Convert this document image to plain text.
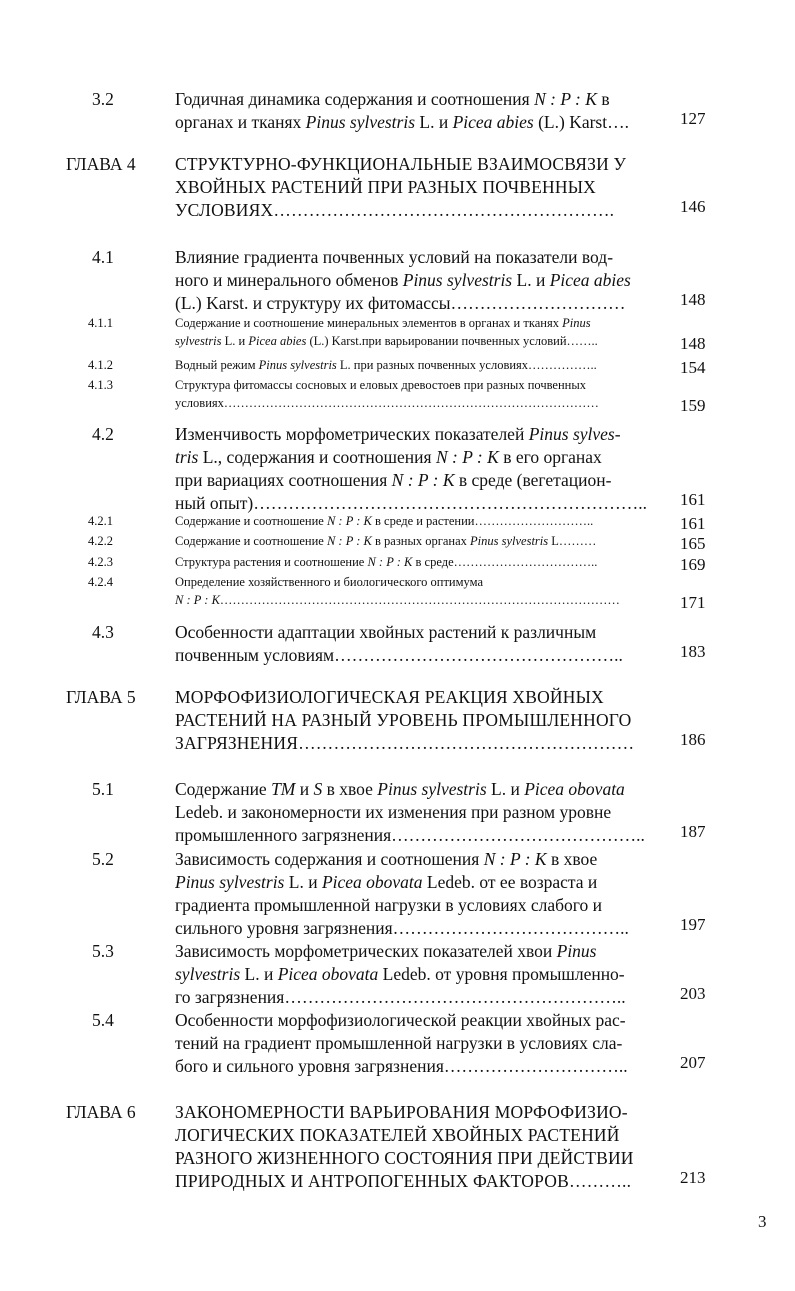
3.2	Годичная динамика содержания и соотношения N : P : K в
органах и тканях Pinus sylvestris L. и Picea abies (L.) Karst….	127
ГЛАВА 4 СТРУКТУРНО-ФУНКЦИОНАЛЬНЫЕ ВЗАИМОСВЯЗИ У
ХВОЙНЫХ РАСТЕНИЙ ПРИ РАЗНЫХ ПОЧВЕННЫХ
УСЛОВИЯХ………………………………………………….	146
4.1	Влияние градиента почвенных условий на показатели вод-
ного и минерального обменов Pinus sylvestris L. и Picea abies
(L.) Karst. и структуру их фитомассы…………………………	148
4.1.1	Содержание и соотношение минеральных элементов в органах и тканях Pinus
sylvestris L. и Picea abies (L.) Karst.при варьировании почвенных условий……..	148
4.1.2	Водный режим Pinus sylvestris L. при разных почвенных условиях……………..	154
4.1.3	Структура фитомассы сосновых и еловых древостоев при разных почвенных
условиях………………………………………………………………………………	159
4.2	Изменчивость морфометрических показателей Pinus sylves-
tris L., содержания и соотношения N : P : K в его органах
при вариациях соотношения N : P : K в среде (вегетацион-
ный опыт)…………………………………………………………..	161
4.2.1	Содержание и соотношение N : P : K в среде и растении………………………..	161
4.2.2	Содержание и соотношение N : P : K в разных органах Pinus sylvestris L………	165
4.2.3	Структура растения и соотношение N : P : K в среде……………………………..	169
4.2.4	Определение хозяйственного и биологического оптимума
N : P : K……………………………………………………………………………………	171
4.3	Особенности адаптации хвойных растений к различным
почвенным условиям…………………………………………..	183
ГЛАВА 5 МОРФОФИЗИОЛОГИЧЕСКАЯ РЕАКЦИЯ ХВОЙНЫХ
РАСТЕНИЙ НА РАЗНЫЙ УРОВЕНЬ ПРОМЫШЛЕННОГО
ЗАГРЯЗНЕНИЯ…………………………………………………	186
5.1	Содержание TM и S в хвое Pinus sylvestris L. и Picea obovata
Ledeb. и закономерности их изменения при разном уровне
промышленного загрязнения……………………………………..	187
5.2	Зависимость содержания и соотношения N : P : K в хвое
Pinus sylvestris L. и Picea obovata Ledeb. от ее возраста и
градиента промышленной нагрузки в условиях слабого и
сильного уровня загрязнения…………………………………..	197
5.3	Зависимость морфометрических показателей хвои Pinus
sylvestris L. и Picea obovata Ledeb. от уровня промышленно-
го загрязнения…………………………………………………..	203
5.4	Особенности морфофизиологической реакции хвойных рас-
тений на градиент промышленной нагрузки в условиях сла-
бого и сильного уровня загрязнения…………………………..	207
ГЛАВА 6 ЗАКОНОМЕРНОСТИ ВАРЬИРОВАНИЯ МОРФОФИЗИО-
ЛОГИЧЕСКИХ ПОКАЗАТЕЛЕЙ ХВОЙНЫХ РАСТЕНИЙ
РАЗНОГО ЖИЗНЕННОГО СОСТОЯНИЯ ПРИ ДЕЙСТВИИ
ПРИРОДНЫХ И АНТРОПОГЕННЫХ ФАКТОРОВ………..	213
3
